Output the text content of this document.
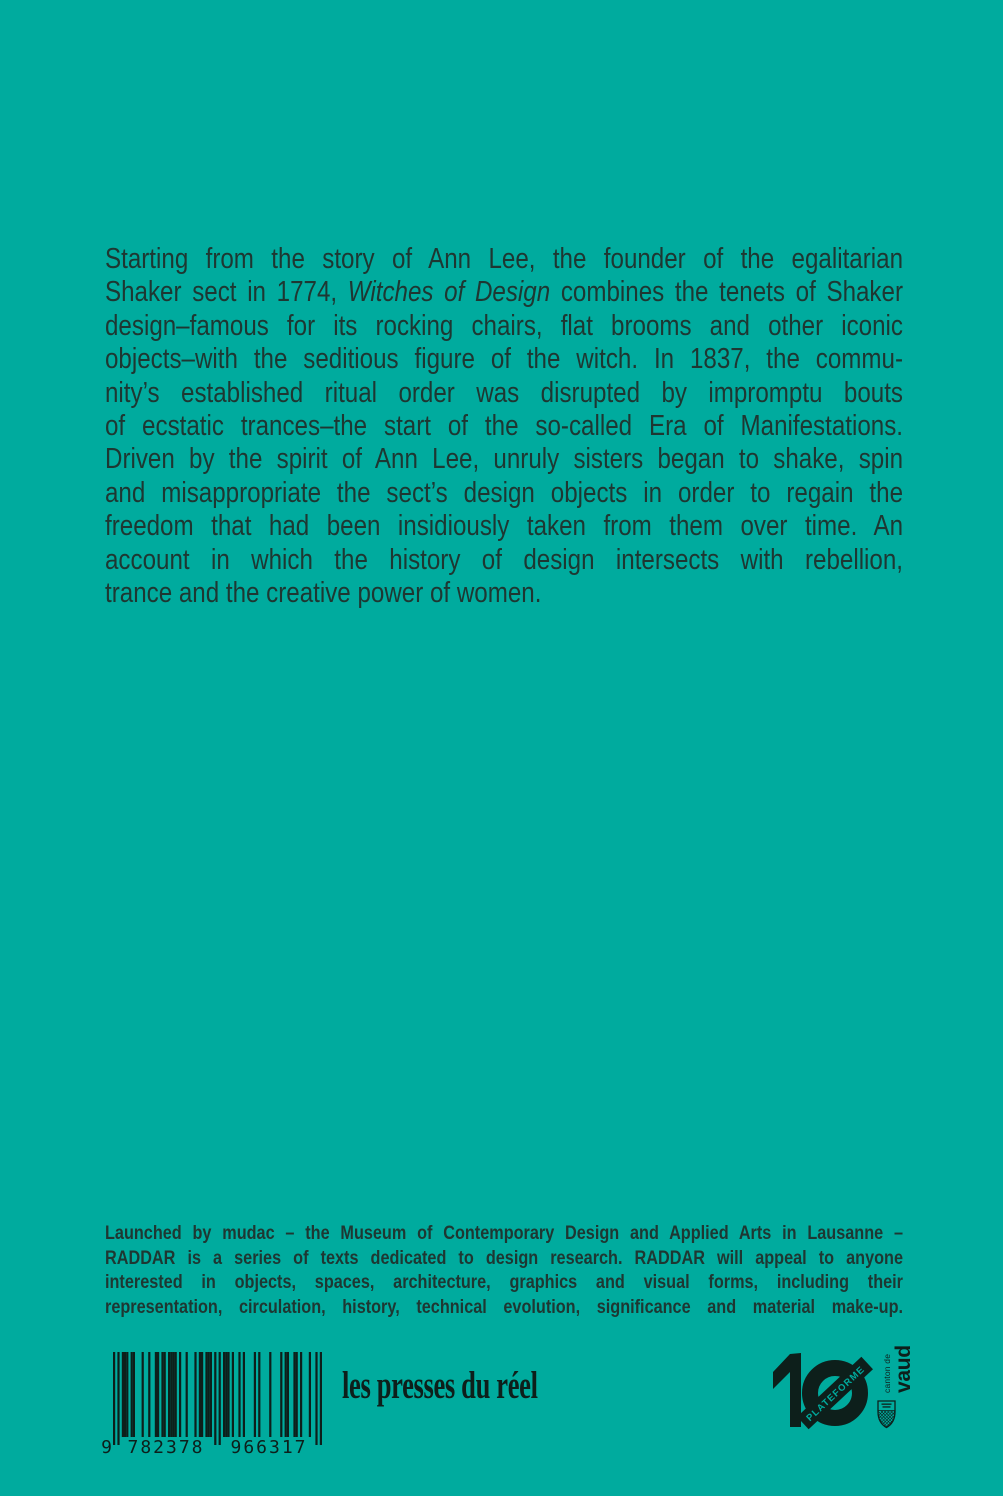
Starting from the story of Ann Lee, the founder of the egalitarian
Shaker sect in 1774, Witches of Design combines the tenets of Shaker
design–famous for its rocking chairs, flat brooms and other iconic
objects–with the seditious figure of the witch. In 1837, the commu-
nity’s established ritual order was disrupted by impromptu bouts
of ecstatic trances–the start of the so-called Era of Manifestations.
Driven by the spirit of Ann Lee, unruly sisters began to shake, spin
and misappropriate the sect’s design objects in order to regain the
freedom that had been insidiously taken from them over time. An
account in which the history of design intersects with rebellion,
trance and the creative power of women.
Launched by mudac – the Museum of Contemporary Design and Applied Arts in Lausanne –
RADDAR is a series of texts dedicated to design research. RADDAR will appeal to anyone
interested in objects, spaces, architecture, graphics and visual forms, including their
representation, circulation, history, technical evolution, significance and material make-up.
9 782378	966317
les presses du réel	PLATEFORME canton de vaud
